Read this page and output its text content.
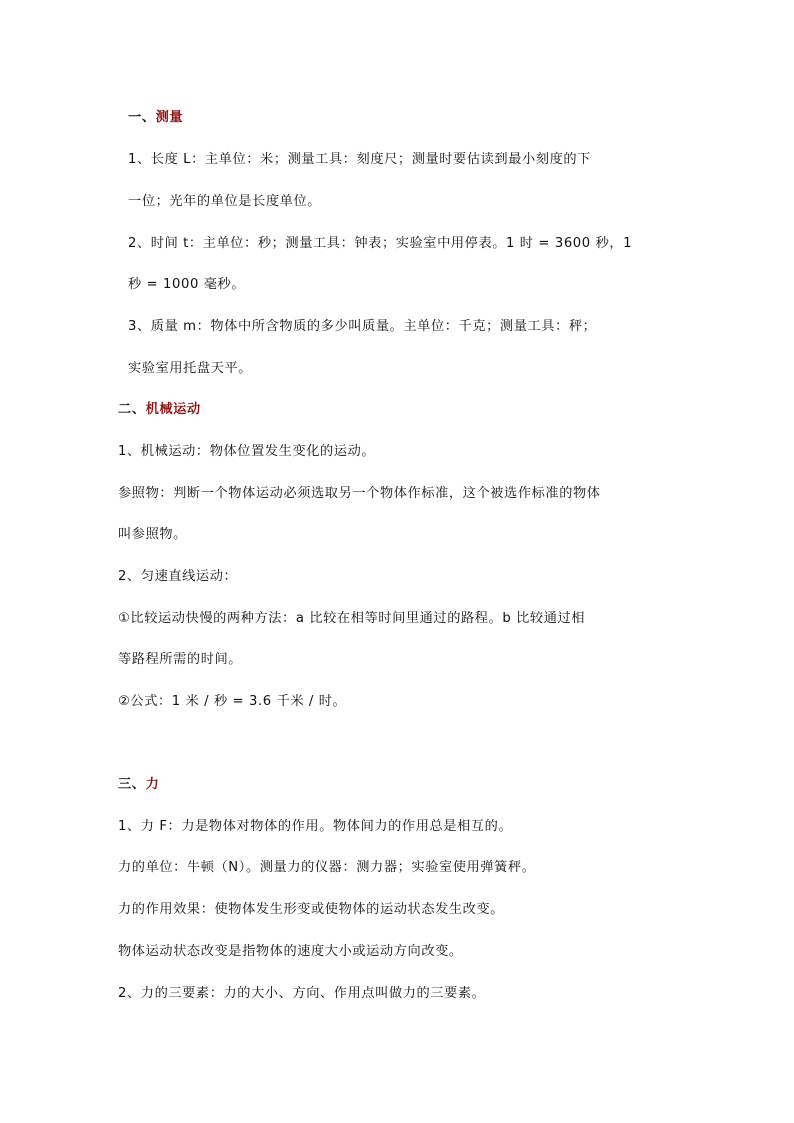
一、测量
1、长度 L：主单位：米；测量工具：刻度尺；测量时要估读到最小刻度的下
一位；光年的单位是长度单位。
2、时间 t：主单位：秒；测量工具：钟表；实验室中用停表。1 时 = 3600 秒，1
秒 = 1000 毫秒。
3、质量 m：物体中所含物质的多少叫质量。主单位：千克；测量工具：秤；
实验室用托盘天平。
二、机械运动
1、机械运动：物体位置发生变化的运动。
参照物：判断一个物体运动必须选取另一个物体作标准，这个被选作标准的物体
叫参照物。
2、匀速直线运动：
①比较运动快慢的两种方法：a 比较在相等时间里通过的路程。b 比较通过相
等路程所需的时间。
②公式：1 米 / 秒 = 3.6 千米 / 时。
三、力
1、力 F：力是物体对物体的作用。物体间力的作用总是相互的。
力的单位：牛顿（N）。测量力的仪器：测力器；实验室使用弹簧秤。
力的作用效果：使物体发生形变或使物体的运动状态发生改变。
物体运动状态改变是指物体的速度大小或运动方向改变。
2、力的三要素：力的大小、方向、作用点叫做力的三要素。
